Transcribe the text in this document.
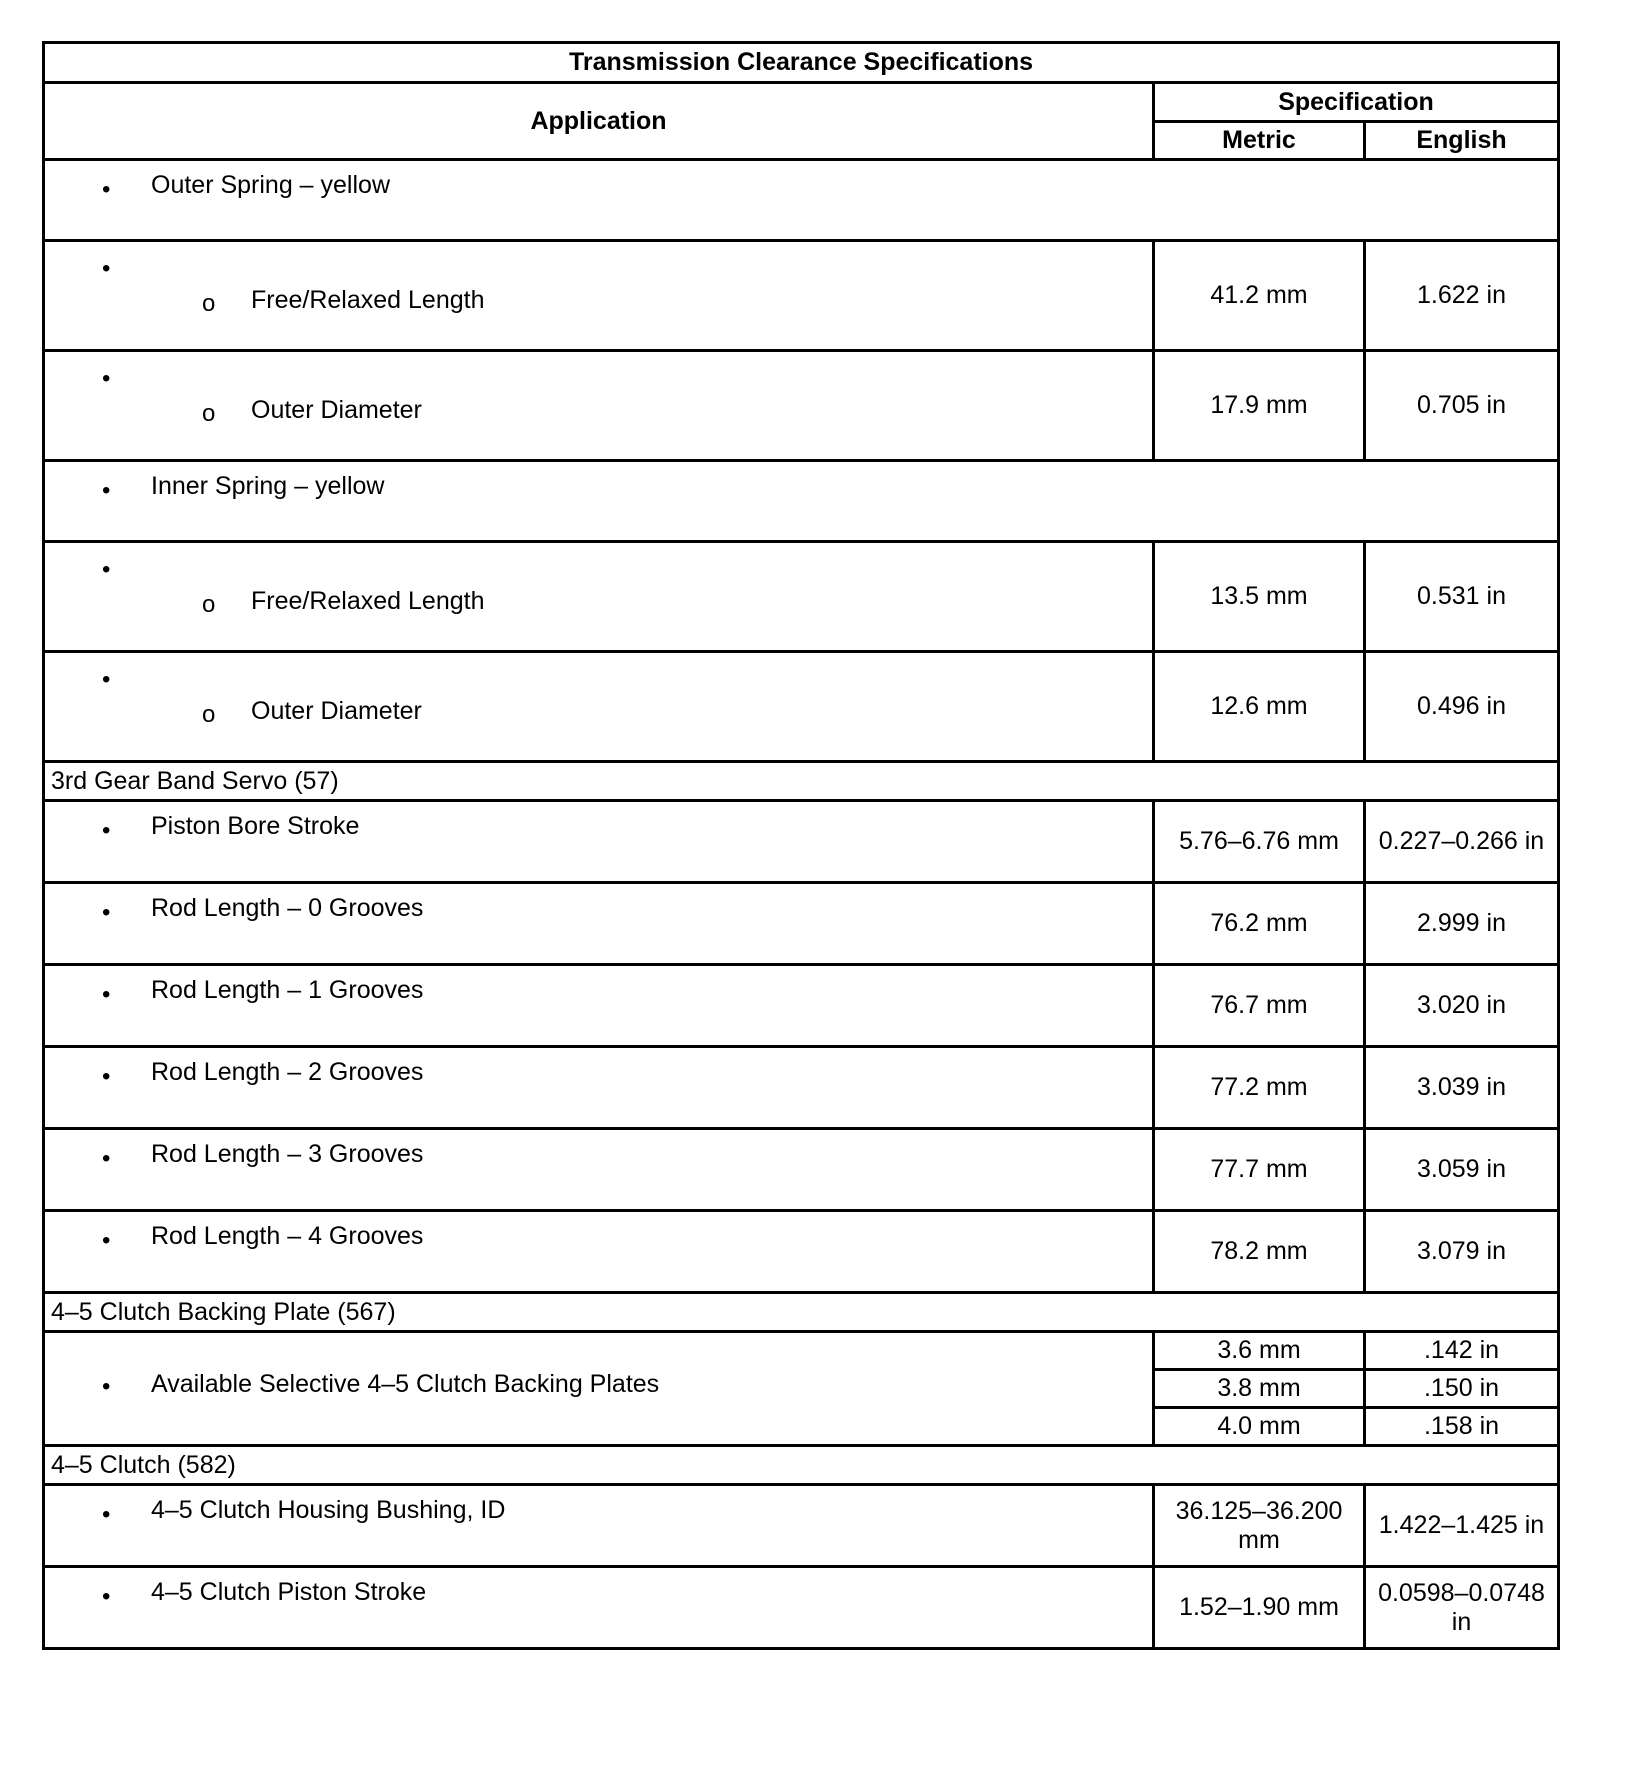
Transmission Clearance Specifications		
Application	Specification	
	Metric	English

• Outer Spring – yellow		

•
o Free/Relaxed Length	41.2 mm	1.622 in

•
o Outer Diameter	17.9 mm	0.705 in

• Inner Spring – yellow		

•
o Free/Relaxed Length	13.5 mm	0.531 in

•
o Outer Diameter	12.6 mm	0.496 in
3rd Gear Band Servo (57)		

• Piston Bore Stroke	5.76–6.76 mm	0.227–0.266 in

• Rod Length – 0 Grooves	76.2 mm	2.999 in

• Rod Length – 1 Grooves	76.7 mm	3.020 in

• Rod Length – 2 Grooves	77.2 mm	3.039 in

• Rod Length – 3 Grooves	77.7 mm	3.059 in

• Rod Length – 4 Grooves	78.2 mm	3.079 in
4–5 Clutch Backing Plate (567)		

• Available Selective 4–5 Clutch Backing Plates	3.6 mm	.142 in
	3.8 mm	.150 in
	4.0 mm	.158 in
4–5 Clutch (582)		

• 4–5 Clutch Housing Bushing, ID	36.125–36.200 mm	1.422–1.425 in

• 4–5 Clutch Piston Stroke	1.52–1.90 mm	0.0598–0.0748 in
